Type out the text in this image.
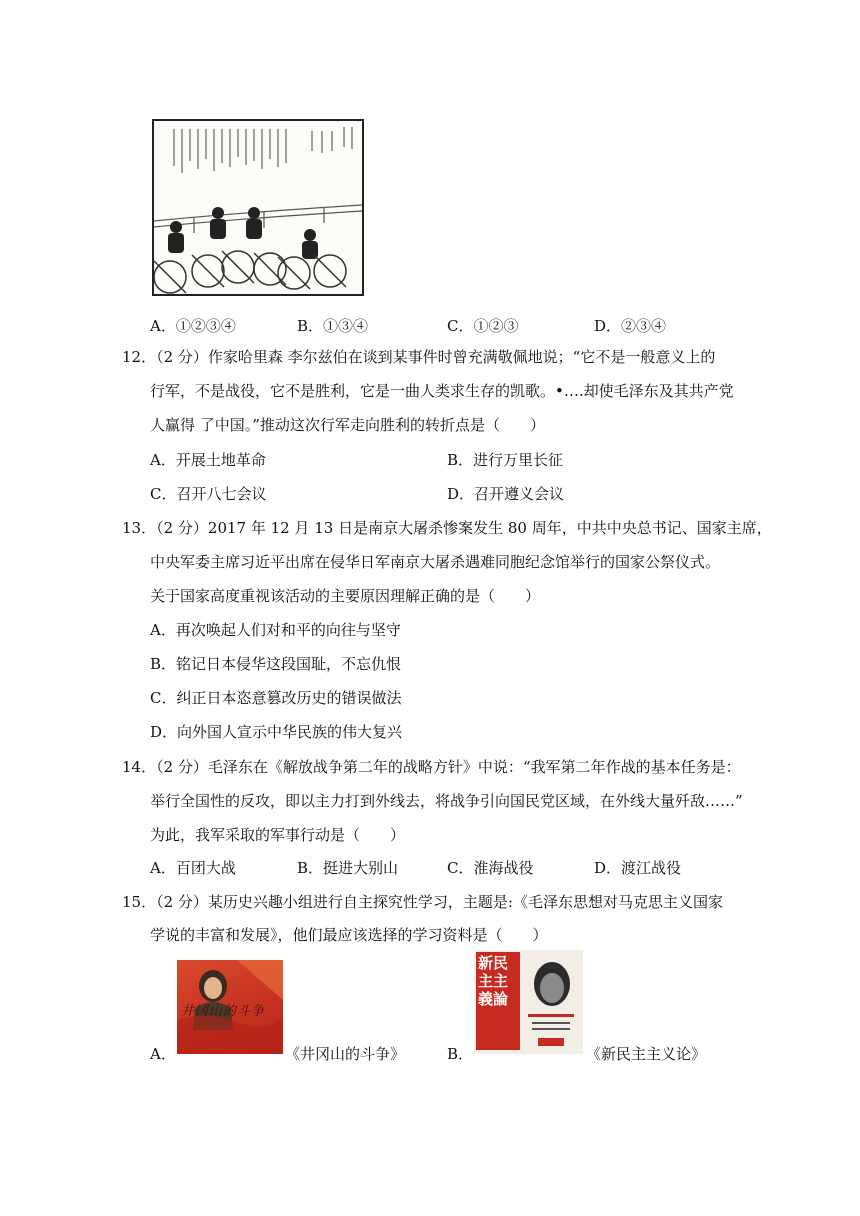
A．①②③④	B．①③④	C．①②③	D．②③④
12．（2 分）作家哈里森 李尔兹伯在谈到某事件时曾充满敬佩地说；“它不是一般意义上的
行军，不是战役，它不是胜利，它是一曲人类求生存的凯歌。•….却使毛泽东及其共产党
人赢得 了中国。”推动这次行军走向胜利的转折点是（　　）
A．开展土地革命	B．进行万里长征
C．召开八七会议	D．召开遵义会议
13．（2 分）2017 年 12 月 13 日是南京大屠杀惨案发生 80 周年，中共中央总书记、国家主席，
中央军委主席习近平出席在侵华日军南京大屠杀遇难同胞纪念馆举行的国家公祭仪式。
关于国家高度重视该活动的主要原因理解正确的是（　　）
A．再次唤起人们对和平的向往与坚守
B．铭记日本侵华这段国耻，不忘仇恨
C．纠正日本恣意篡改历史的错误做法
D．向外国人宣示中华民族的伟大复兴
14．（2 分）毛泽东在《解放战争第二年的战略方针》中说：“我军第二年作战的基本任务是：
举行全国性的反攻，即以主力打到外线去，将战争引向国民党区域，在外线大量歼敌……”
为此，我军采取的军事行动是（　　）
A．百团大战	B．挺进大别山	C．淮海战役	D．渡江战役
15．（2 分）某历史兴趣小组进行自主探究性学习，主题是:《毛泽东思想对马克思主义国家
学说的丰富和发展》，他们最应该选择的学习资料是（　　）
井冈山的斗争
A．	《井冈山的斗争》
新民主主義論
B．	《新民主主义论》
